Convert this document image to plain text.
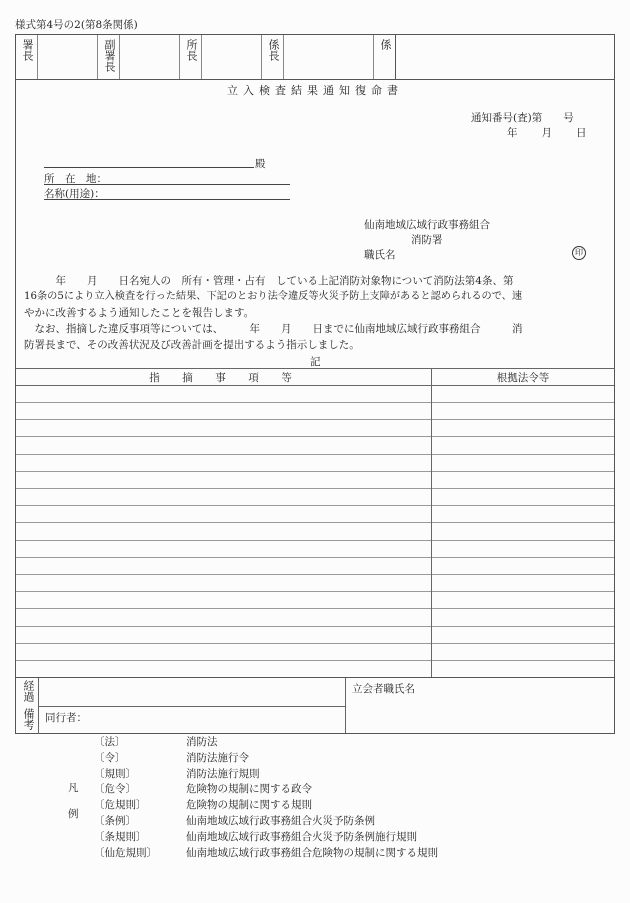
様式第4号の2(第8条関係)
署長	副署長	所長	係長	係
立入検査結果通知復命書
通知番号(査)第　　号
年　　月　　日
殿
所　在　地：
名称(用途)：
仙南地域広域行政事務組合
消防署
職氏名	印
　　　年　　月　　日名宛人の　所有・管理・占有　している上記消防対象物について消防法第4条、第
16条の5により立入検査を行った結果、下記のとおり法令違反等火災予防上支障があると認められるので、速
やかに改善するよう通知したことを報告します。
　なお、指摘した違反事項等については、　　　年　　月　　日までに仙南地域広域行政事務組合　　　消
防署長まで、その改善状況及び改善計画を提出するよう指示しました。
記
指　摘　事　項　等	根拠法令等
経過
備考 同行者：
立会者職氏名
凡例
〔法〕	消防法
〔令〕	消防法施行令
〔規則〕	消防法施行規則
〔危令〕	危険物の規制に関する政令
〔危規則〕	危険物の規制に関する規則
〔条例〕	仙南地域広域行政事務組合火災予防条例
〔条規則〕	仙南地域広域行政事務組合火災予防条例施行規則
〔仙危規則〕	仙南地域広域行政事務組合危険物の規制に関する規則
